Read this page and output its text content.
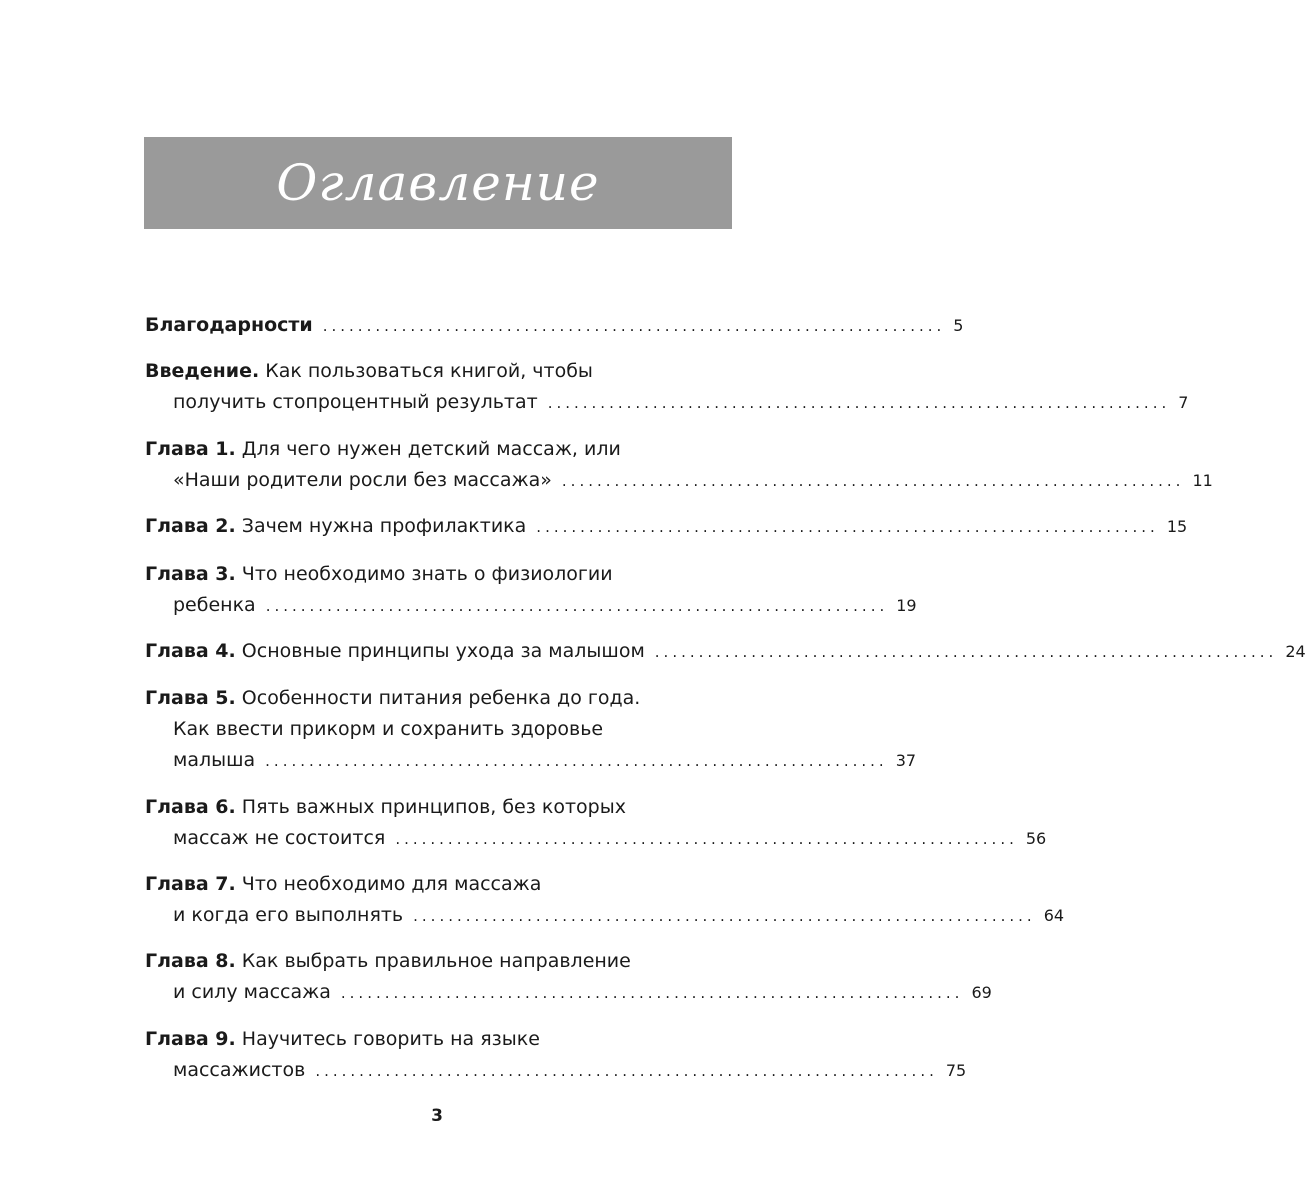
Оглавление
Благодарности ....................................................................... 5
Введение. Как пользоваться книгой, чтобы
получить стопроцентный результат ....................................................................... 7
Глава 1. Для чего нужен детский массаж, или
«Наши родители росли без массажа» ....................................................................... 11
Глава 2. Зачем нужна профилактика ....................................................................... 15
Глава 3. Что необходимо знать о физиологии
ребенка ....................................................................... 19
Глава 4. Основные принципы ухода за малышом ....................................................................... 24
Глава 5. Особенности питания ребенка до года.
Как ввести прикорм и сохранить здоровье
малыша ....................................................................... 37
Глава 6. Пять важных принципов, без которых
массаж не состоится ....................................................................... 56
Глава 7. Что необходимо для массажа
и когда его выполнять ....................................................................... 64
Глава 8. Как выбрать правильное направление
и силу массажа ....................................................................... 69
Глава 9. Научитесь говорить на языке
массажистов ....................................................................... 75
3
